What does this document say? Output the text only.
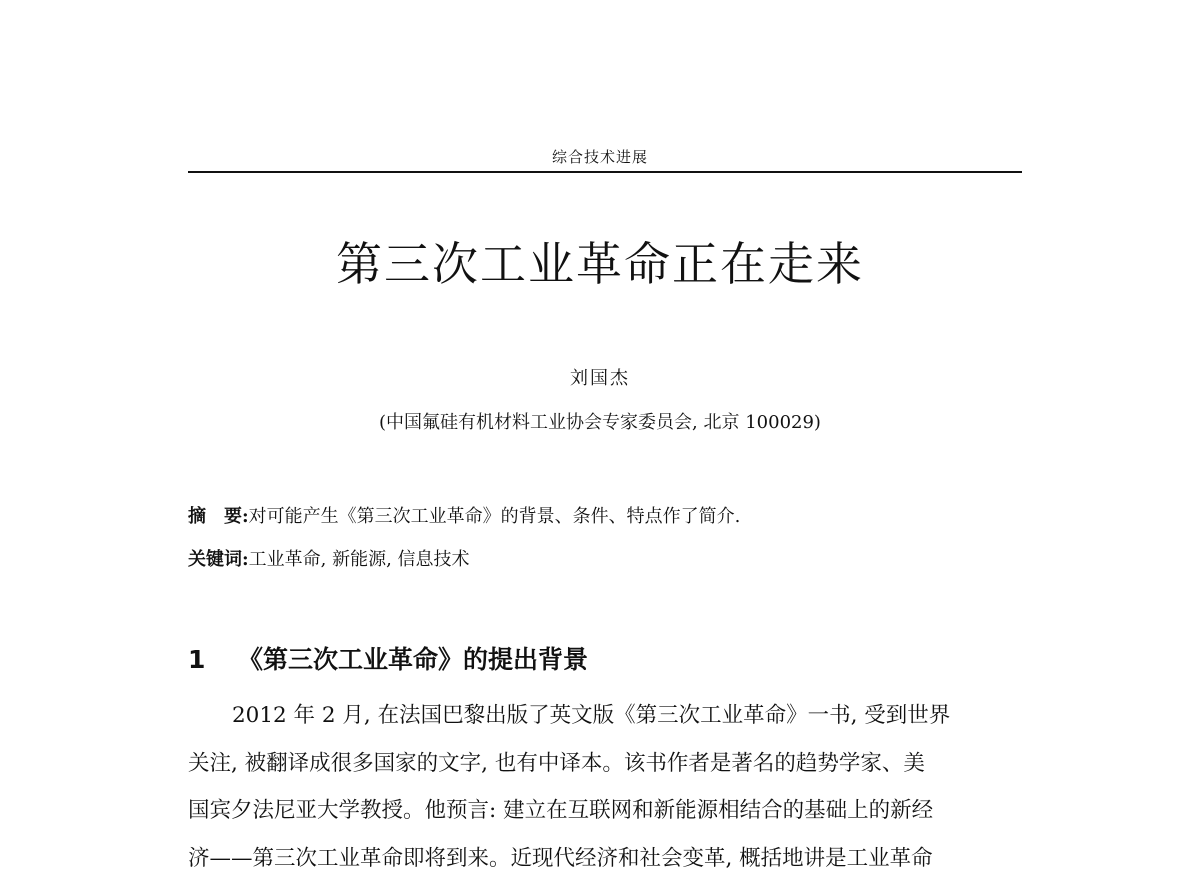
综合技术进展
第三次工业革命正在走来
刘国杰
(中国氟硅有机材料工业协会专家委员会, 北京 100029)
摘　要:对可能产生《第三次工业革命》的背景、条件、特点作了简介.
关键词:工业革命, 新能源, 信息技术
1 《第三次工业革命》的提出背景
2012 年 2 月, 在法国巴黎出版了英文版《第三次工业革命》一书, 受到世界
关注, 被翻译成很多国家的文字, 也有中译本。该书作者是著名的趋势学家、美
国宾夕法尼亚大学教授。他预言: 建立在互联网和新能源相结合的基础上的新经
济——第三次工业革命即将到来。近现代经济和社会变革, 概括地讲是工业革命
